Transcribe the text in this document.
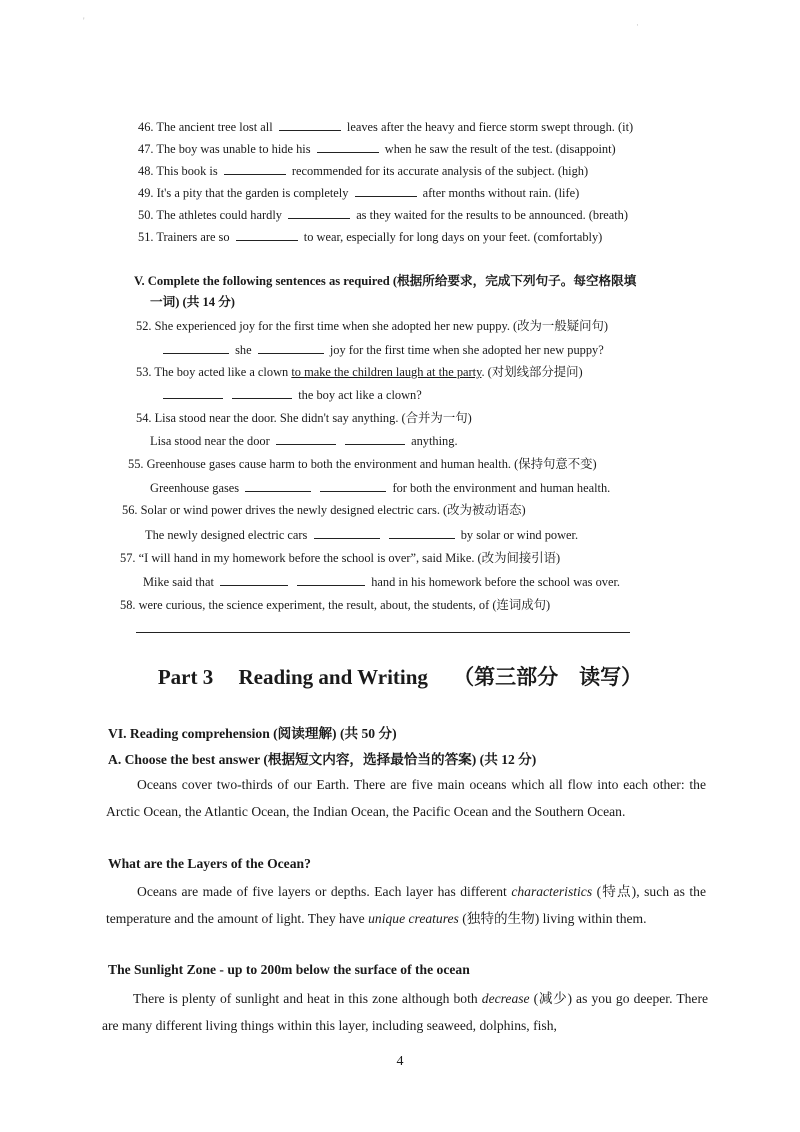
46. The ancient tree lost all	leaves after the heavy and fierce storm swept through. (it)
47. The boy was unable to hide his	when he saw the result of the test. (disappoint)
48. This book is	recommended for its accurate analysis of the subject. (high)
49. It's a pity that the garden is completely	after months without rain. (life)
50. The athletes could hardly	as they waited for the results to be announced. (breath)
51. Trainers are so	to wear, especially for long days on your feet. (comfortably)
V. Complete the following sentences as required (根据所给要求，完成下列句子。每空格限填
一词) (共 14 分)
52. She experienced joy for the first time when she adopted her new puppy. (改为一般疑问句)
she	joy for the first time when she adopted her new puppy?
53. The boy acted like a clown to make the children laugh at the party. (对划线部分提问)
the boy act like a clown?
54. Lisa stood near the door. She didn't say anything. (合并为一句)
Lisa stood near the door	anything.
55. Greenhouse gases cause harm to both the environment and human health. (保持句意不变)
Greenhouse gases	for both the environment and human health.
56. Solar or wind power drives the newly designed electric cars. (改为被动语态)
The newly designed electric cars	by solar or wind power.
57. “I will hand in my homework before the school is over”, said Mike. (改为间接引语)
Mike said that	hand in his homework before the school was over.
58. were curious, the science experiment, the result, about, the students, of (连词成句)
Part 3 Reading and Writing （第三部分　读写）
VI. Reading comprehension (阅读理解) (共 50 分)
A. Choose the best answer (根据短文内容，选择最恰当的答案) (共 12 分)
Oceans cover two-thirds of our Earth. There are five main oceans which all flow into each other: the Arctic Ocean, the Atlantic Ocean, the Indian Ocean, the Pacific Ocean and the Southern Ocean.
What are the Layers of the Ocean?
Oceans are made of five layers or depths. Each layer has different characteristics (特点), such as the temperature and the amount of light. They have unique creatures (独特的生物) living within them.
The Sunlight Zone - up to 200m below the surface of the ocean
There is plenty of sunlight and heat in this zone although both decrease (减少) as you go deeper. There are many different living things within this layer, including seaweed, dolphins, fish,
4
'	·
